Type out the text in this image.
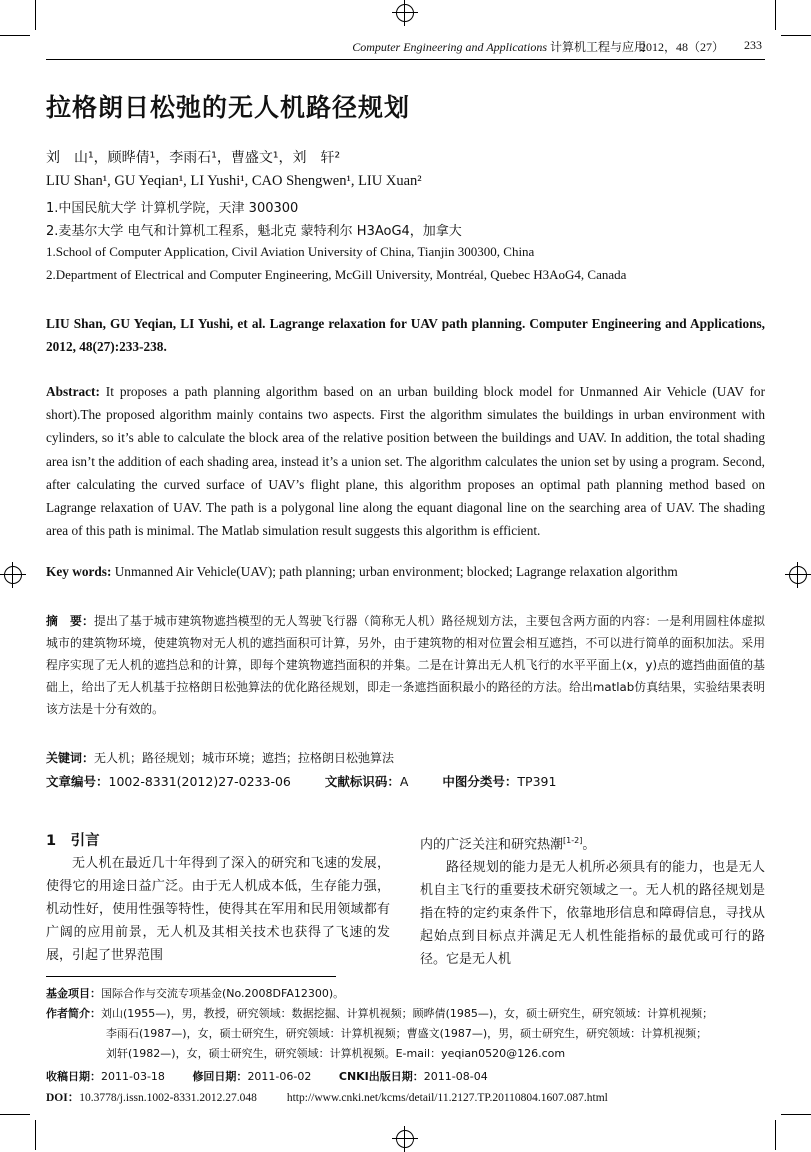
Computer Engineering and Applications 计算机工程与应用
2012，48（27） 233
拉格朗日松弛的无人机路径规划
刘　山¹，顾晔倩¹，李雨石¹，曹盛文¹，刘　轩²
LIU Shan¹, GU Yeqian¹, LI Yushi¹, CAO Shengwen¹, LIU Xuan²
1.中国民航大学 计算机学院，天津 300300
2.麦基尔大学 电气和计算机工程系，魁北克 蒙特利尔 H3AoG4，加拿大
1.School of Computer Application, Civil Aviation University of China, Tianjin 300300, China
2.Department of Electrical and Computer Engineering, McGill University, Montréal, Quebec H3AoG4, Canada
LIU Shan, GU Yeqian, LI Yushi, et al. Lagrange relaxation for UAV path planning. Computer Engineering and Applications, 2012, 48(27):233-238.
Abstract: It proposes a path planning algorithm based on an urban building block model for Unmanned Air Vehicle (UAV for short).The proposed algorithm mainly contains two aspects. First the algorithm simulates the buildings in urban environment with cylinders, so it’s able to calculate the block area of the relative position between the buildings and UAV. In addition, the total shading area isn’t the addition of each shading area, instead it’s a union set. The algorithm calculates the union set by using a program. Second, after calculating the curved surface of UAV’s flight plane, this algorithm proposes an optimal path planning method based on Lagrange relaxation of UAV. The path is a polygonal line along the equant diagonal line on the searching area of UAV. The shading area of this path is minimal. The Matlab simulation result suggests this algorithm is efficient.
Key words: Unmanned Air Vehicle(UAV); path planning; urban environment; blocked; Lagrange relaxation algorithm
摘　要：提出了基于城市建筑物遮挡模型的无人驾驶飞行器（简称无人机）路径规划方法，主要包含两方面的内容：一是利用圆柱体虚拟城市的建筑物环境，使建筑物对无人机的遮挡面积可计算，另外，由于建筑物的相对位置会相互遮挡，不可以进行简单的面积加法。采用程序实现了无人机的遮挡总和的计算，即每个建筑物遮挡面积的并集。二是在计算出无人机飞行的水平平面上(x，y)点的遮挡曲面值的基础上，给出了无人机基于拉格朗日松弛算法的优化路径规划，即走一条遮挡面积最小的路径的方法。给出matlab仿真结果，实验结果表明该方法是十分有效的。
关键词：无人机；路径规划；城市环境；遮挡；拉格朗日松弛算法
文章编号：1002-8331(2012)27-0233-06	文献标识码：A	中图分类号：TP391
1　引言

无人机在最近几十年得到了深入的研究和飞速的发展，使得它的用途日益广泛。由于无人机成本低，生存能力强，机动性好，使用性强等特性，使得其在军用和民用领域都有广阔的应用前景，无人机及其相关技术也获得了飞速的发展，引起了世界范围

内的广泛关注和研究热潮[1-2]。

路径规划的能力是无人机所必须具有的能力，也是无人机自主飞行的重要技术研究领域之一。无人机的路径规划是指在特的定约束条件下，依靠地形信息和障碍信息，寻找从起始点到目标点并满足无人机性能指标的最优或可行的路径。它是无人机

基金项目：国际合作与交流专项基金(No.2008DFA12300)。
作者简介：刘山(1955—)，男，教授，研究领域：数据挖掘、计算机视频；顾晔倩(1985—)，女，硕士研究生，研究领域：计算机视频；
李雨石(1987—)，女，硕士研究生，研究领域：计算机视频；曹盛文(1987—)，男，硕士研究生，研究领域：计算机视频；
刘轩(1982—)，女，硕士研究生，研究领域：计算机视频。E-mail：yeqian0520@126.com
收稿日期：2011-03-18	修回日期：2011-06-02	CNKI出版日期：2011-08-04
DOI：10.3778/j.issn.1002-8331.2012.27.048	http://www.cnki.net/kcms/detail/11.2127.TP.20110804.1607.087.html
